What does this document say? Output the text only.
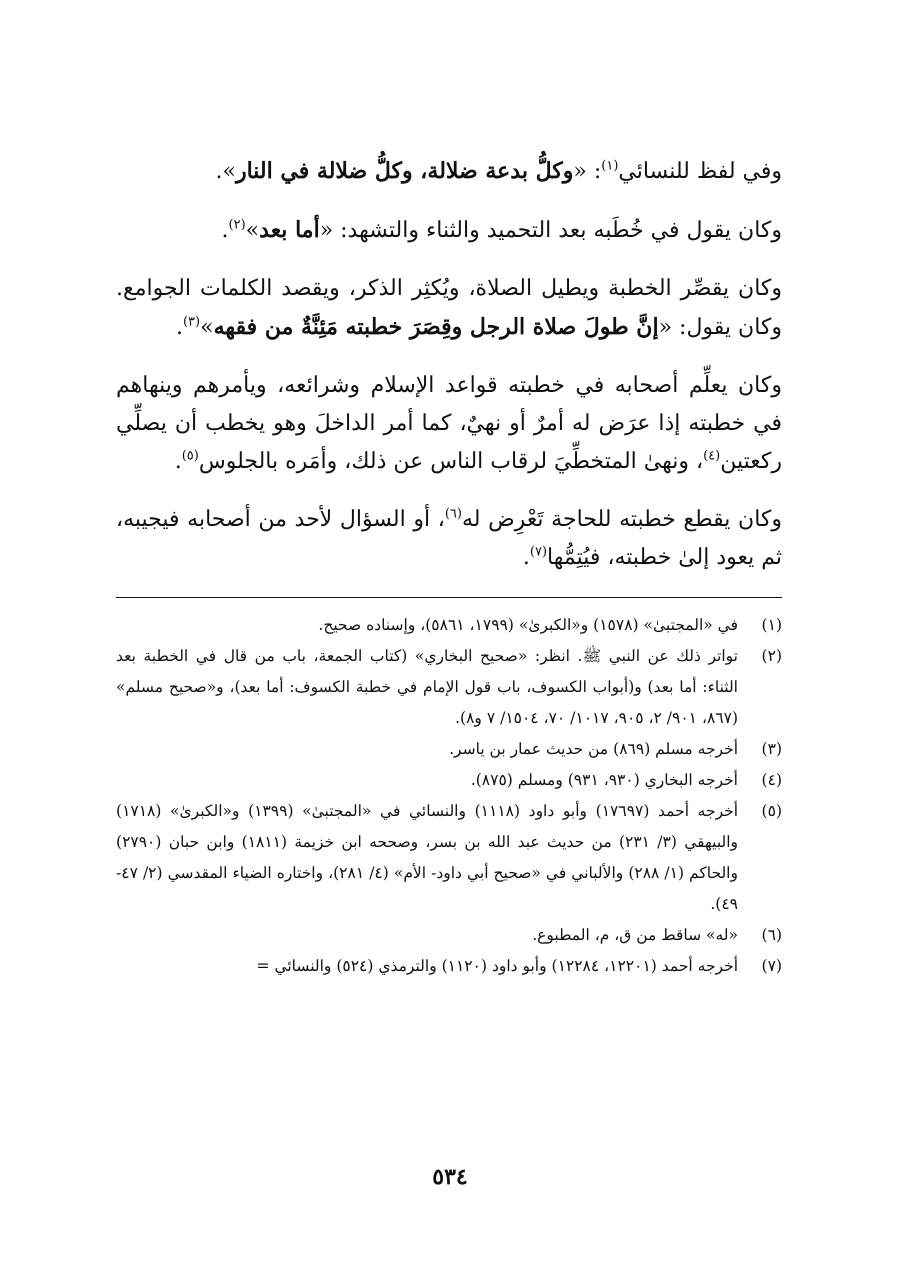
وفي لفظ للنسائي$^{(١)}$: «وكلُّ بدعة ضلالة، وكلُّ ضلالة في النار».

وكان يقول في خُطَبه بعد التحميد والثناء والتشهد: «أما بعد»$^{(٢)}$.

وكان يقصِّر الخطبة ويطيل الصلاة، ويُكثِر الذكر، ويقصد الكلمات الجوامع. وكان يقول: «إنَّ طولَ صلاة الرجل وقِصَرَ خطبته مَئِنَّةٌ من فقهه»$^{(٣)}$.

وكان يعلِّم أصحابه في خطبته قواعد الإسلام وشرائعه، ويأمرهم وينهاهم في خطبته إذا عرَض له أمرٌ أو نهيٌ، كما أمر الداخلَ وهو يخطب أن يصلِّي ركعتين$^{(٤)}$، ونهىٰ المتخطِّيَ لرقاب الناس عن ذلك، وأمَره بالجلوس$^{(٥)}$.

وكان يقطع خطبته للحاجة تَعْرِض له$^{(٦)}$، أو السؤال لأحد من أصحابه فيجيبه، ثم يعود إلىٰ خطبته، فيُتِمُّها$^{(٧)}$.

(١)
في «المجتبىٰ» (١٥٧٨) و«الكبرىٰ» (١٧٩٩، ٥٨٦١)، وإسناده صحيح.
(٢)
تواتر ذلك عن النبي ﷺ. انظر: «صحيح البخاري» (كتاب الجمعة، باب من قال في الخطبة بعد الثناء: أما بعد) و(أبواب الكسوف، باب قول الإمام في خطبة الكسوف: أما بعد)، و«صحيح مسلم» (٨٦٧، ٩٠١/ ٢، ٩٠٥، ١٠١٧/ ٧٠، ١٥٠٤/ ٧ و٨).
(٣)
أخرجه مسلم (٨٦٩) من حديث عمار بن ياسر.
(٤)
أخرجه البخاري (٩٣٠، ٩٣١) ومسلم (٨٧٥).
(٥)
أخرجه أحمد (١٧٦٩٧) وأبو داود (١١١٨) والنسائي في «المجتبىٰ» (١٣٩٩) و«الكبرىٰ» (١٧١٨) والبيهقي (٣/ ٢٣١) من حديث عبد الله بن بسر، وصححه ابن خزيمة (١٨١١) وابن حبان (٢٧٩٠) والحاكم (١/ ٢٨٨) والألباني في «صحيح أبي داود- الأم» (٤/ ٢٨١)، واختاره الضياء المقدسي (٢/ ٤٧- ٤٩).
(٦)
«له» ساقط من ق، م، المطبوع.
(٧)
أخرجه أحمد (١٢٢٠١، ١٢٢٨٤) وأبو داود (١١٢٠) والترمذي (٥٢٤) والنسائي =
٥٣٤
